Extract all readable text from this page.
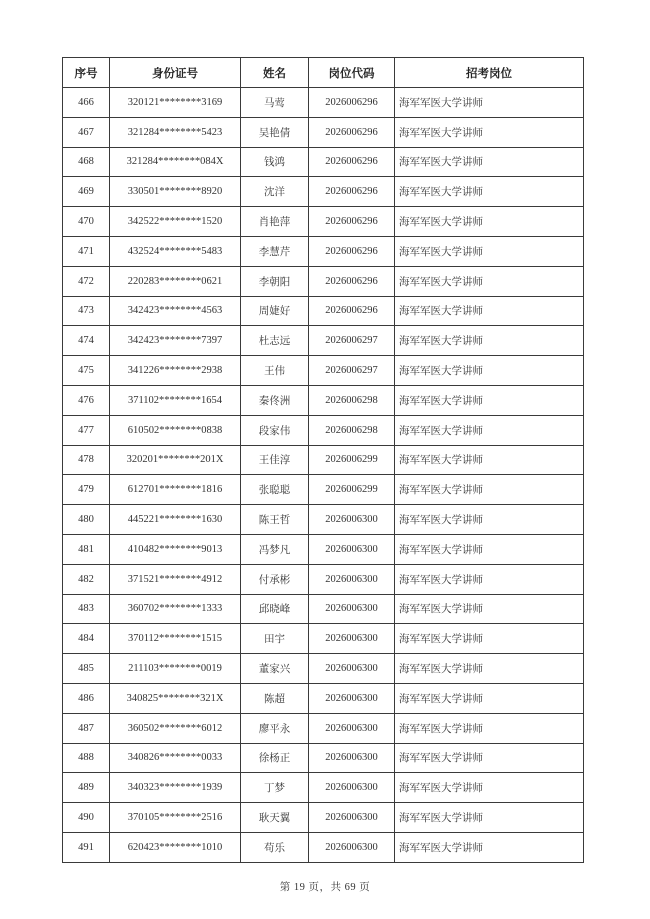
序号	身份证号	姓名	岗位代码	招考岗位
466	320121********3169	马莺	2026006296	海军军医大学讲师
467	321284********5423	吴艳倩	2026006296	海军军医大学讲师
468	321284********084X	钱鸿	2026006296	海军军医大学讲师
469	330501********8920	沈洋	2026006296	海军军医大学讲师
470	342522********1520	肖艳萍	2026006296	海军军医大学讲师
471	432524********5483	李慧芹	2026006296	海军军医大学讲师
472	220283********0621	李朝阳	2026006296	海军军医大学讲师
473	342423********4563	周婕好	2026006296	海军军医大学讲师
474	342423********7397	杜志远	2026006297	海军军医大学讲师
475	341226********2938	王伟	2026006297	海军军医大学讲师
476	371102********1654	秦佟洲	2026006298	海军军医大学讲师
477	610502********0838	段家伟	2026006298	海军军医大学讲师
478	320201********201X	王佳淳	2026006299	海军军医大学讲师
479	612701********1816	张聪聪	2026006299	海军军医大学讲师
480	445221********1630	陈王哲	2026006300	海军军医大学讲师
481	410482********9013	冯梦凡	2026006300	海军军医大学讲师
482	371521********4912	付承彬	2026006300	海军军医大学讲师
483	360702********1333	邱晓峰	2026006300	海军军医大学讲师
484	370112********1515	田宇	2026006300	海军军医大学讲师
485	211103********0019	董家兴	2026006300	海军军医大学讲师
486	340825********321X	陈超	2026006300	海军军医大学讲师
487	360502********6012	廖平永	2026006300	海军军医大学讲师
488	340826********0033	徐杨正	2026006300	海军军医大学讲师
489	340323********1939	丁梦	2026006300	海军军医大学讲师
490	370105********2516	耿天翼	2026006300	海军军医大学讲师
491	620423********1010	苟乐	2026006300	海军军医大学讲师
第 19 页，共 69 页
